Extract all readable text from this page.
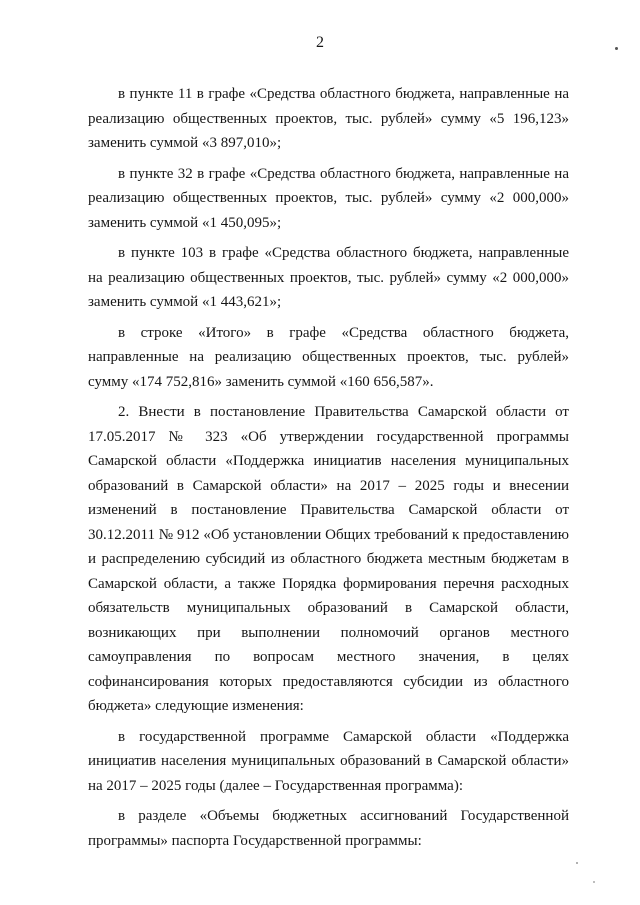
2

в пункте 11 в графе «Средства областного бюджета, направленные на реализацию общественных проектов, тыс. рублей» сумму «5 196,123» заменить суммой «3 897,010»;

в пункте 32 в графе «Средства областного бюджета, направленные на реализацию общественных проектов, тыс. рублей» сумму «2 000,000» заменить суммой «1 450,095»;

в пункте 103 в графе «Средства областного бюджета, направленные на реализацию общественных проектов, тыс. рублей» сумму «2 000,000» заменить суммой «1 443,621»;

в строке «Итого» в графе «Средства областного бюджета, направленные на реализацию общественных проектов, тыс. рублей» сумму «174 752,816» заменить суммой «160 656,587».

2. Внести в постановление Правительства Самарской области от 17.05.2017 № 323 «Об утверждении государственной программы Самарской области «Поддержка инициатив населения муниципальных образований в Самарской области» на 2017 – 2025 годы и внесении изменений в постановление Правительства Самарской области от 30.12.2011 № 912 «Об установлении Общих требований к предоставлению и распределению субсидий из областного бюджета местным бюджетам в Самарской области, а также Порядка формирования перечня расходных обязательств муниципальных образований в Самарской области, возникающих при выполнении полномочий органов местного самоуправления по вопросам местного значения, в целях софинансирования которых предоставляются субсидии из областного бюджета» следующие изменения:

в государственной программе Самарской области «Поддержка инициатив населения муниципальных образований в Самарской области» на 2017 – 2025 годы (далее – Государственная программа):

в разделе «Объемы бюджетных ассигнований Государственной программы» паспорта Государственной программы:
